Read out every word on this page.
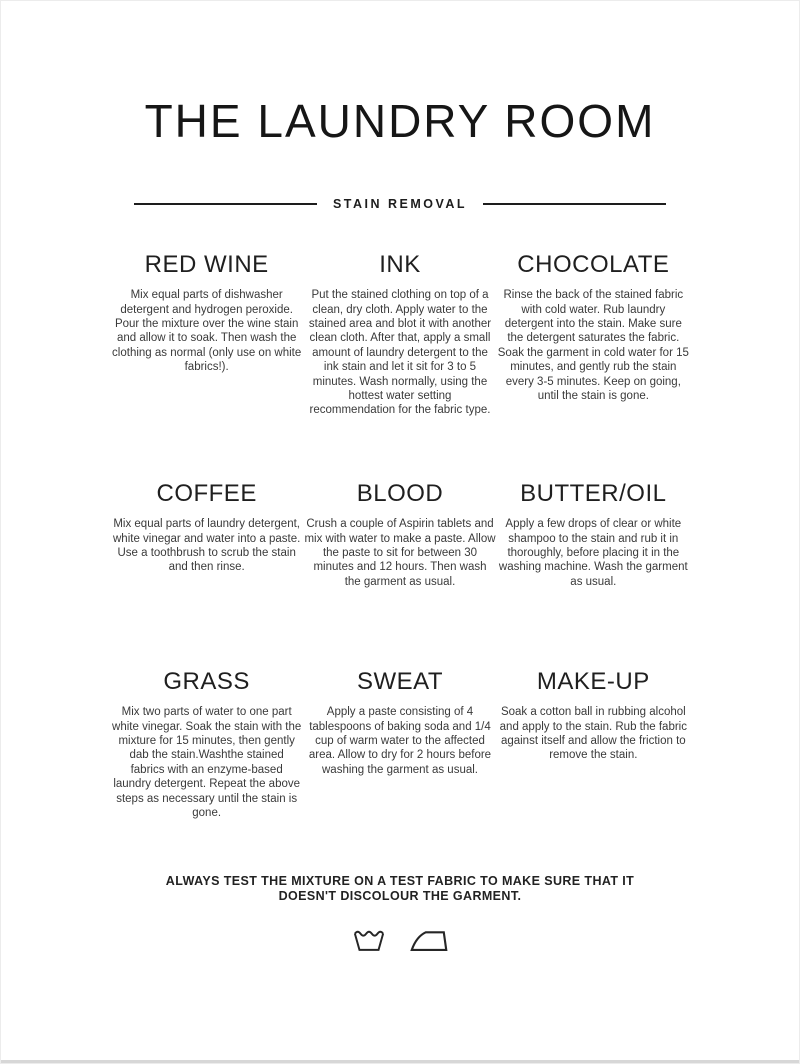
THE LAUNDRY ROOM
STAIN REMOVAL
RED WINE

Mix equal parts of dishwasher detergent and hydrogen peroxide. Pour the mixture over the wine stain and allow it to soak. Then wash the clothing as normal (only use on white fabrics!).

INK

Put the stained clothing on top of a clean, dry cloth. Apply water to the stained area and blot it with another clean cloth. After that, apply a small amount of laundry detergent to the ink stain and let it sit for 3 to 5 minutes. Wash normally, using the hottest water setting recommendation for the fabric type.

CHOCOLATE

Rinse the back of the stained fabric with cold water. Rub laundry detergent into the stain. Make sure the detergent saturates the fabric. Soak the garment in cold water for 15 minutes, and gently rub the stain every 3-5 minutes. Keep on going, until the stain is gone.

COFFEE

Mix equal parts of laundry detergent, white vinegar and water into a paste. Use a toothbrush to scrub the stain and then rinse.

BLOOD

Crush a couple of Aspirin tablets and mix with water to make a paste. Allow the paste to sit for between 30 minutes and 12 hours. Then wash the garment as usual.

BUTTER/OIL

Apply a few drops of clear or white shampoo to the stain and rub it in thoroughly, before placing it in the washing machine. Wash the garment as usual.

GRASS

Mix two parts of water to one part white vinegar. Soak the stain with the mixture for 15 minutes, then gently dab the stain.Washthe stained fabrics with an enzyme-based laundry detergent. Repeat the above steps as necessary until the stain is gone.

SWEAT

Apply a paste consisting of 4 tablespoons of baking soda and 1/4 cup of warm water to the affected area. Allow to dry for 2 hours before washing the garment as usual.

MAKE-UP

Soak a cotton ball in rubbing alcohol and apply to the stain. Rub the fabric against itself and allow the friction to remove the stain.

ALWAYS TEST THE MIXTURE ON A TEST FABRIC TO MAKE SURE THAT IT DOESN'T DISCOLOUR THE GARMENT.
